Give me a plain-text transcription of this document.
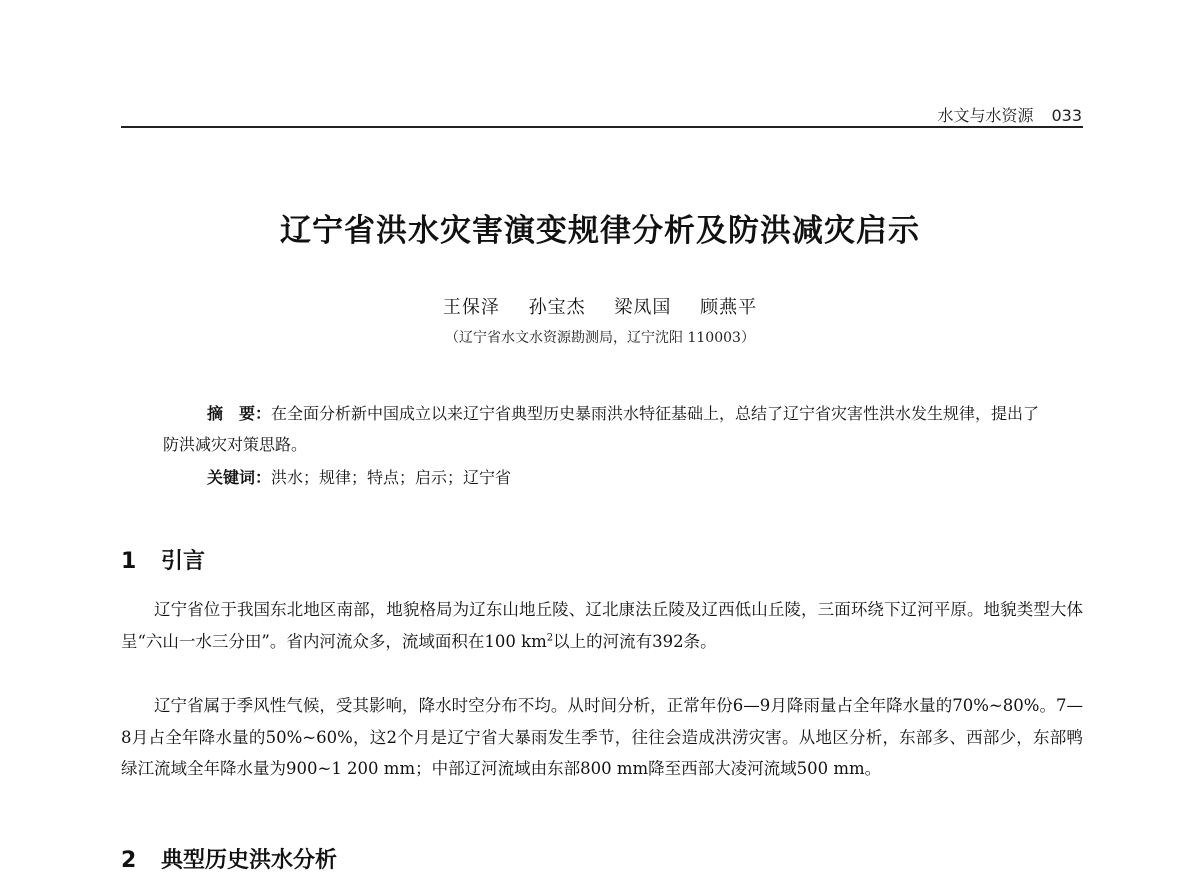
水文与水资源 033
辽宁省洪水灾害演变规律分析及防洪减灾启示
王保泽 孙宝杰 梁凤国 顾燕平
（辽宁省水文水资源勘测局，辽宁沈阳 110003）
摘　要：在全面分析新中国成立以来辽宁省典型历史暴雨洪水特征基础上，总结了辽宁省灾害性洪水发生规律，提出了防洪减灾对策思路。
关键词：洪水；规律；特点；启示；辽宁省
1 引言

辽宁省位于我国东北地区南部，地貌格局为辽东山地丘陵、辽北康法丘陵及辽西低山丘陵，三面环绕下辽河平原。地貌类型大体呈“六山一水三分田”。省内河流众多，流域面积在100 $km^2$以上的河流有392条。

辽宁省属于季风性气候，受其影响，降水时空分布不均。从时间分析，正常年份6—9月降雨量占全年降水量的70%~80%。7—8月占全年降水量的50%~60%，这2个月是辽宁省大暴雨发生季节，往往会造成洪涝灾害。从地区分析，东部多、西部少，东部鸭绿江流域全年降水量为900~1 200 mm；中部辽河流域由东部800 mm降至西部大凌河流域500 mm。

2 典型历史洪水分析
